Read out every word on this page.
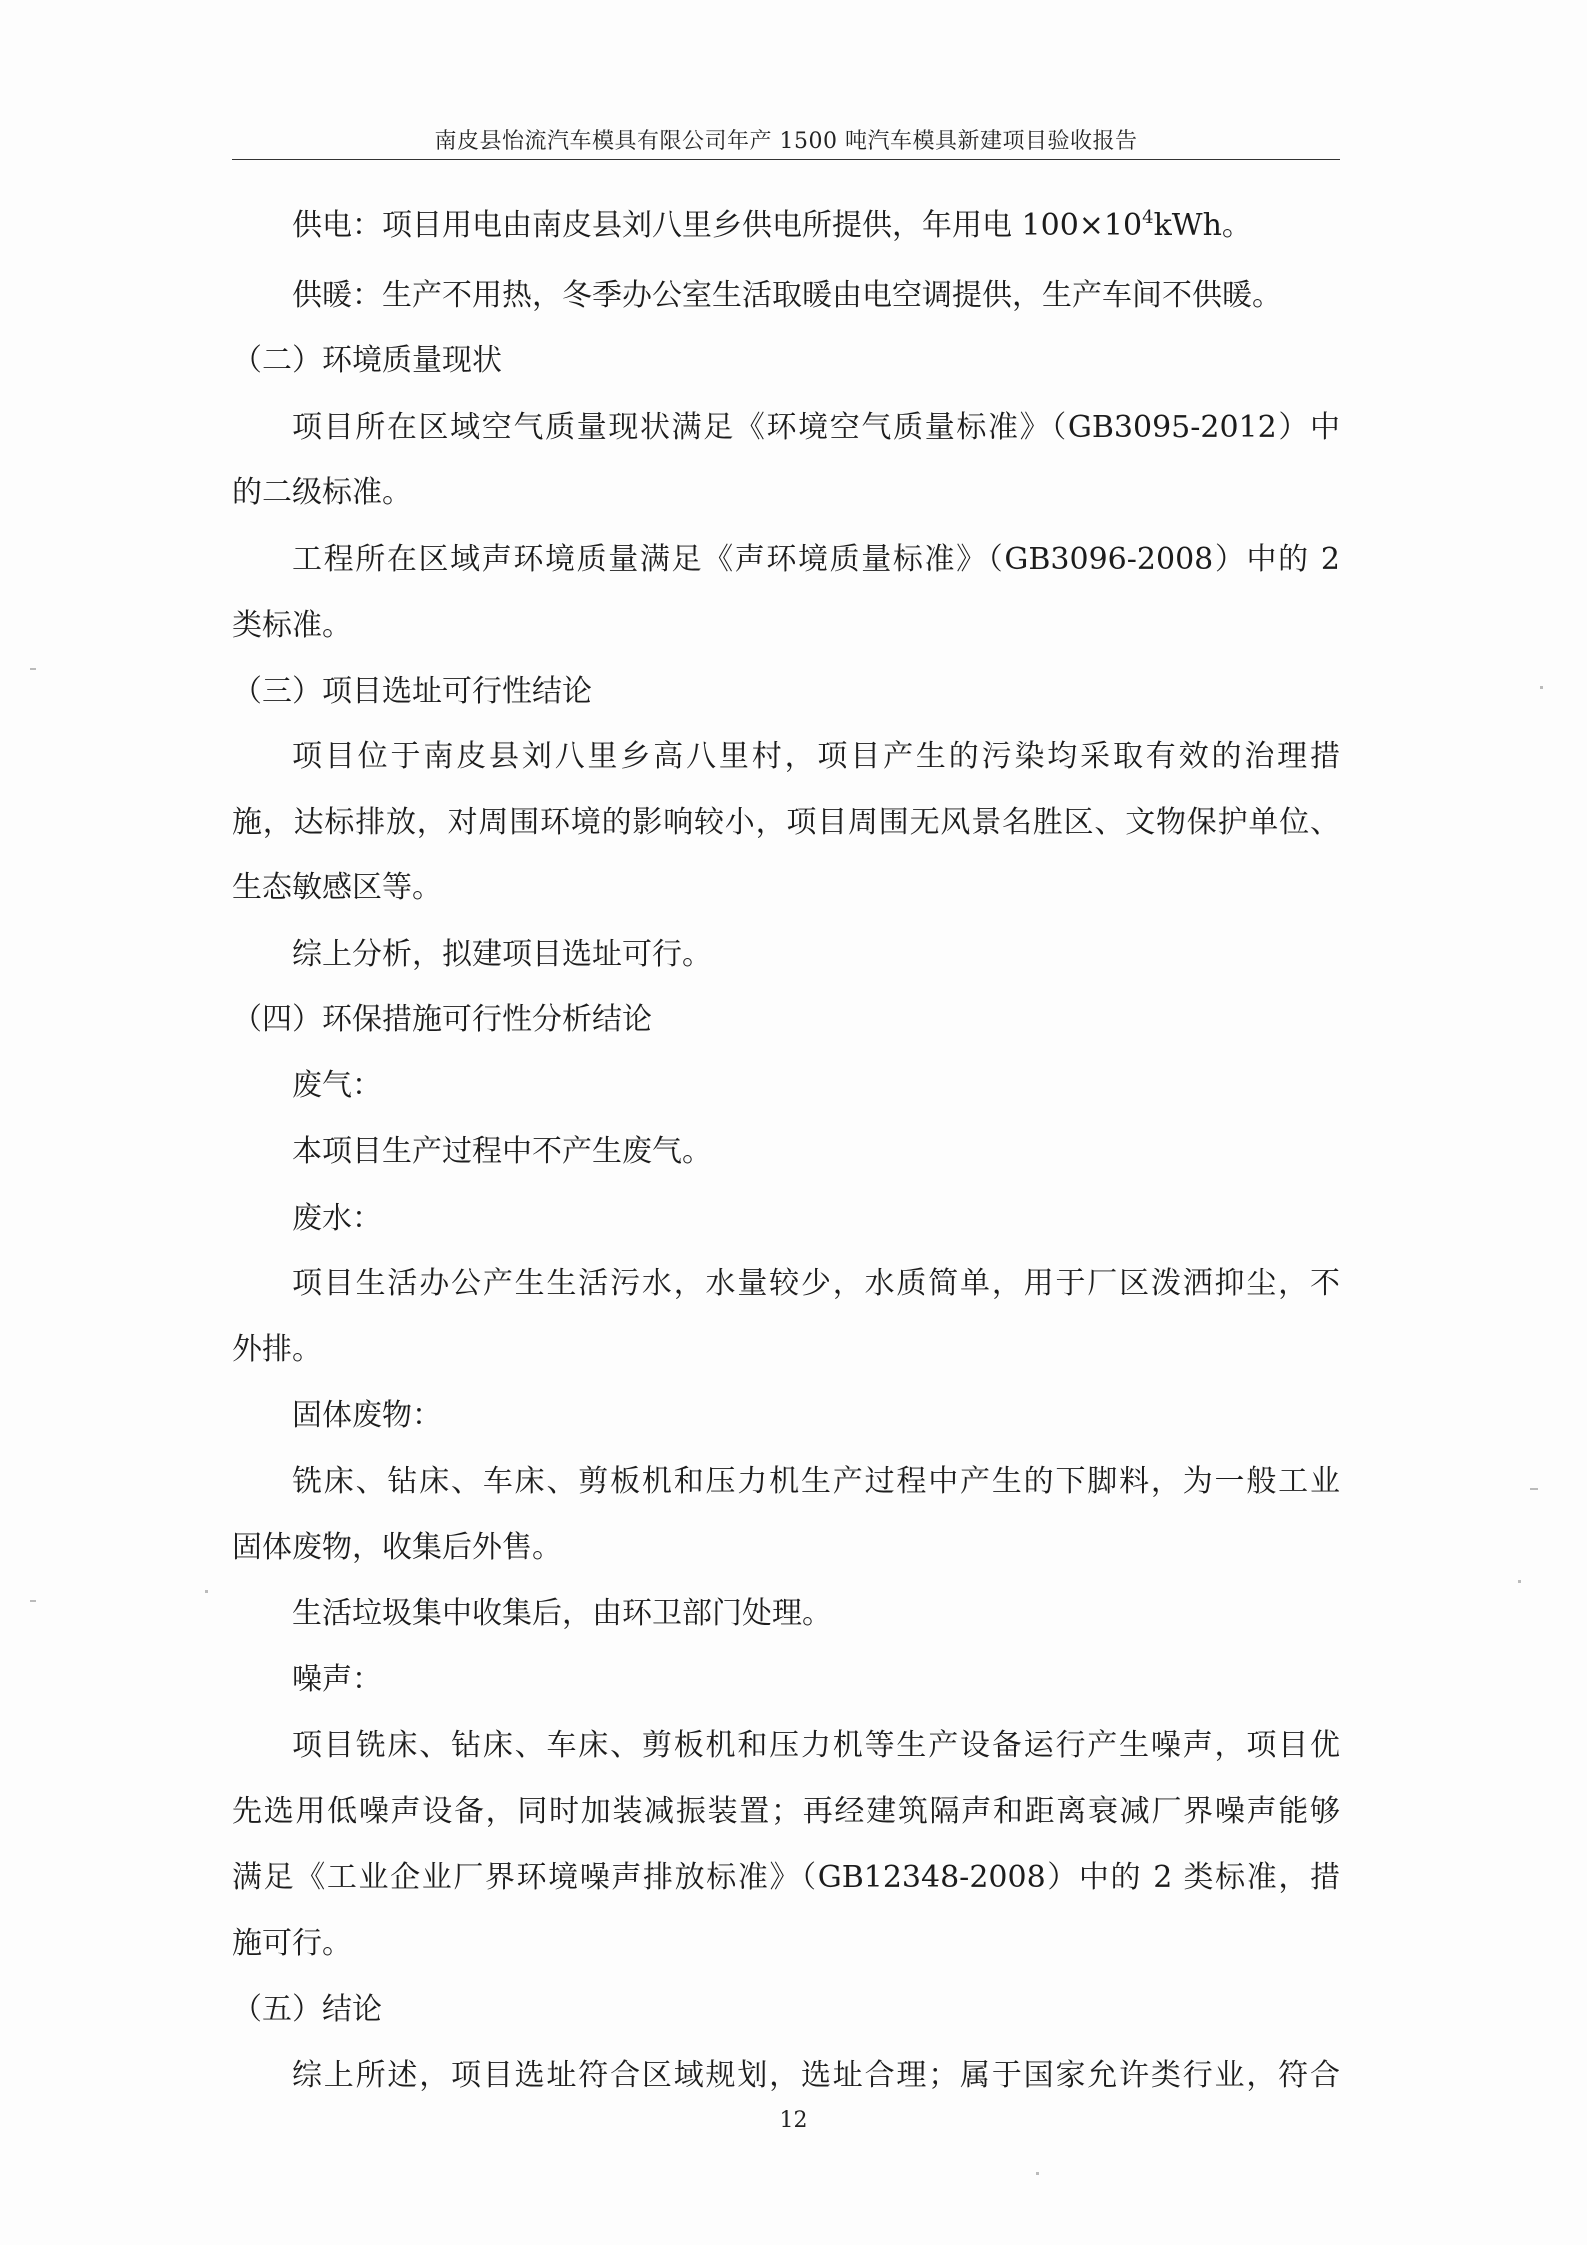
南皮县怡流汽车模具有限公司年产 1500 吨汽车模具新建项目验收报告
供电：项目用电由南皮县刘八里乡供电所提供，年用电 $100\times 10^4kWh$。
供暖：生产不用热，冬季办公室生活取暖由电空调提供，生产车间不供暖。
（二）环境质量现状
项目所在区域空气质量现状满足《环境空气质量标准》（GB3095-2012）中
的二级标准。
工程所在区域声环境质量满足《声环境质量标准》（GB3096-2008）中的 2
类标准。
（三）项目选址可行性结论
项目位于南皮县刘八里乡高八里村，项目产生的污染均采取有效的治理措
施，达标排放，对周围环境的影响较小，项目周围无风景名胜区、文物保护单位、
生态敏感区等。
综上分析，拟建项目选址可行。
（四）环保措施可行性分析结论
废气：
本项目生产过程中不产生废气。
废水：
项目生活办公产生生活污水，水量较少，水质简单，用于厂区泼洒抑尘，不
外排。
固体废物：
铣床、钻床、车床、剪板机和压力机生产过程中产生的下脚料，为一般工业
固体废物，收集后外售。
生活垃圾集中收集后，由环卫部门处理。
噪声：
项目铣床、钻床、车床、剪板机和压力机等生产设备运行产生噪声，项目优
先选用低噪声设备，同时加装减振装置；再经建筑隔声和距离衰减厂界噪声能够
满足《工业企业厂界环境噪声排放标准》（GB12348-2008）中的 2 类标准，措
施可行。
（五）结论
综上所述，项目选址符合区域规划，选址合理；属于国家允许类行业，符合
12
